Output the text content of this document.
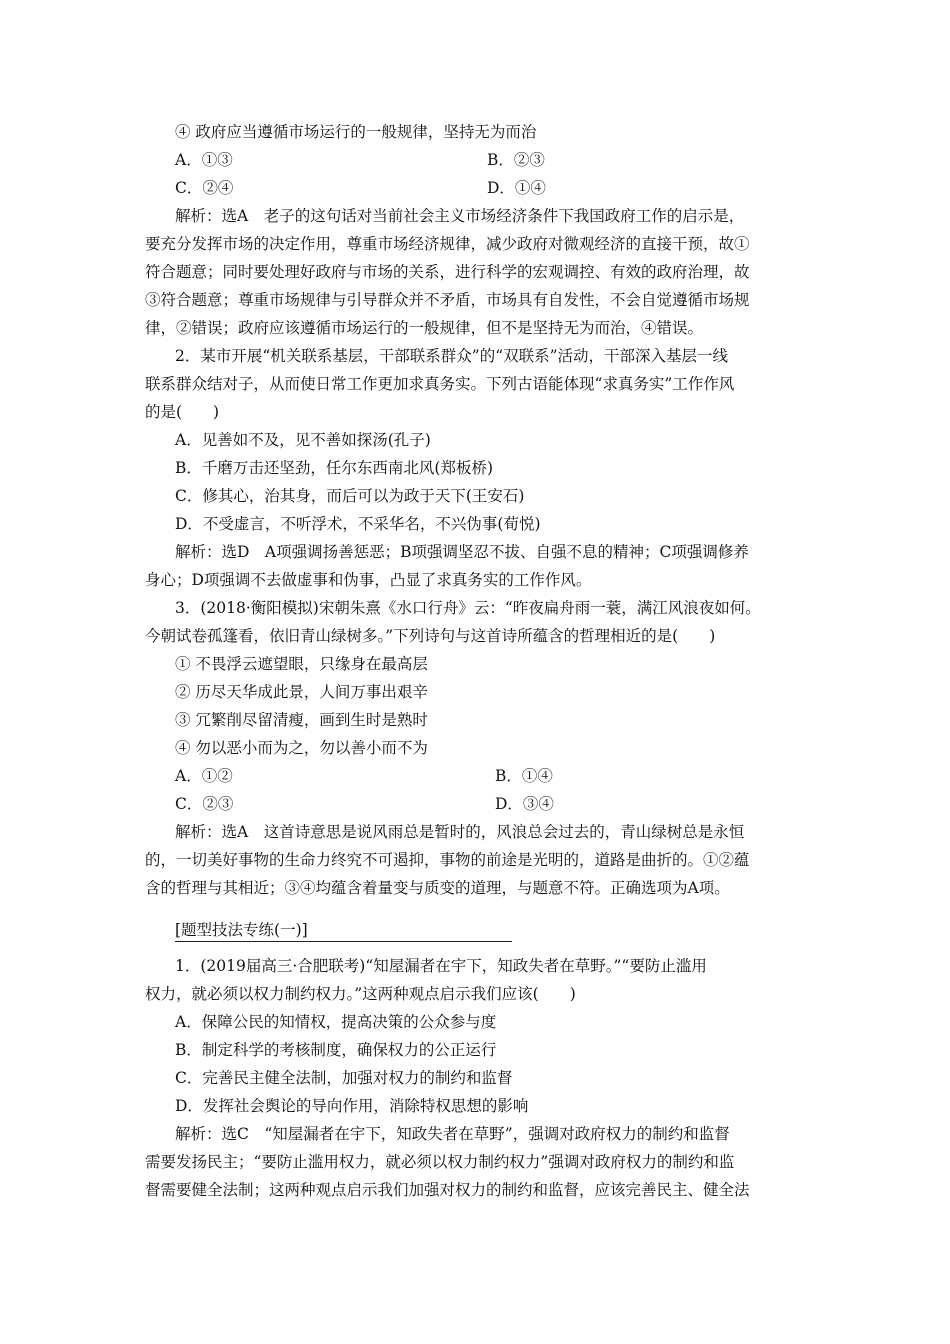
④ 政府应当遵循市场运行的一般规律，坚持无为而治
A．①③	B．②③
C．②④	D．①④
解析：选A　老子的这句话对当前社会主义市场经济条件下我国政府工作的启示是，
要充分发挥市场的决定作用，尊重市场经济规律，减少政府对微观经济的直接干预，故①
符合题意；同时要处理好政府与市场的关系，进行科学的宏观调控、有效的政府治理，故
③符合题意；尊重市场规律与引导群众并不矛盾，市场具有自发性，不会自觉遵循市场规
律，②错误；政府应该遵循市场运行的一般规律，但不是坚持无为而治，④错误。
2．某市开展“机关联系基层，干部联系群众”的“双联系”活动，干部深入基层一线
联系群众结对子，从而使日常工作更加求真务实。下列古语能体现“求真务实”工作作风
的是(　　)
A．见善如不及，见不善如探汤(孔子)
B．千磨万击还坚劲，任尔东西南北风(郑板桥)
C．修其心，治其身，而后可以为政于天下(王安石)
D．不受虚言，不听浮术，不采华名，不兴伪事(荀悦)
解析：选D　A项强调扬善惩恶；B项强调坚忍不拔、自强不息的精神；C项强调修养
身心；D项强调不去做虚事和伪事，凸显了求真务实的工作作风。
3．(2018·衡阳模拟)宋朝朱熹《水口行舟》云：“昨夜扁舟雨一蓑，满江风浪夜如何。
今朝试卷孤篷看，依旧青山绿树多。”下列诗句与这首诗所蕴含的哲理相近的是(　　)
① 不畏浮云遮望眼，只缘身在最高层
② 历尽天华成此景，人间万事出艰辛
③ 冗繁削尽留清瘦，画到生时是熟时
④ 勿以恶小而为之，勿以善小而不为
A．①②	B．①④
C．②③	D．③④
解析：选A　这首诗意思是说风雨总是暂时的，风浪总会过去的，青山绿树总是永恒
的，一切美好事物的生命力终究不可遏抑，事物的前途是光明的，道路是曲折的。①②蕴
含的哲理与其相近；③④均蕴含着量变与质变的道理，与题意不符。正确选项为A项。
[题型技法专练(一)]
1．(2019届高三·合肥联考)“知屋漏者在宇下，知政失者在草野。”“要防止滥用
权力，就必须以权力制约权力。”这两种观点启示我们应该(　　)
A．保障公民的知情权，提高决策的公众参与度
B．制定科学的考核制度，确保权力的公正运行
C．完善民主健全法制，加强对权力的制约和监督
D．发挥社会舆论的导向作用，消除特权思想的影响
解析：选C　“知屋漏者在宇下，知政失者在草野”，强调对政府权力的制约和监督
需要发扬民主；“要防止滥用权力，就必须以权力制约权力”强调对政府权力的制约和监
督需要健全法制；这两种观点启示我们加强对权力的制约和监督，应该完善民主、健全法
